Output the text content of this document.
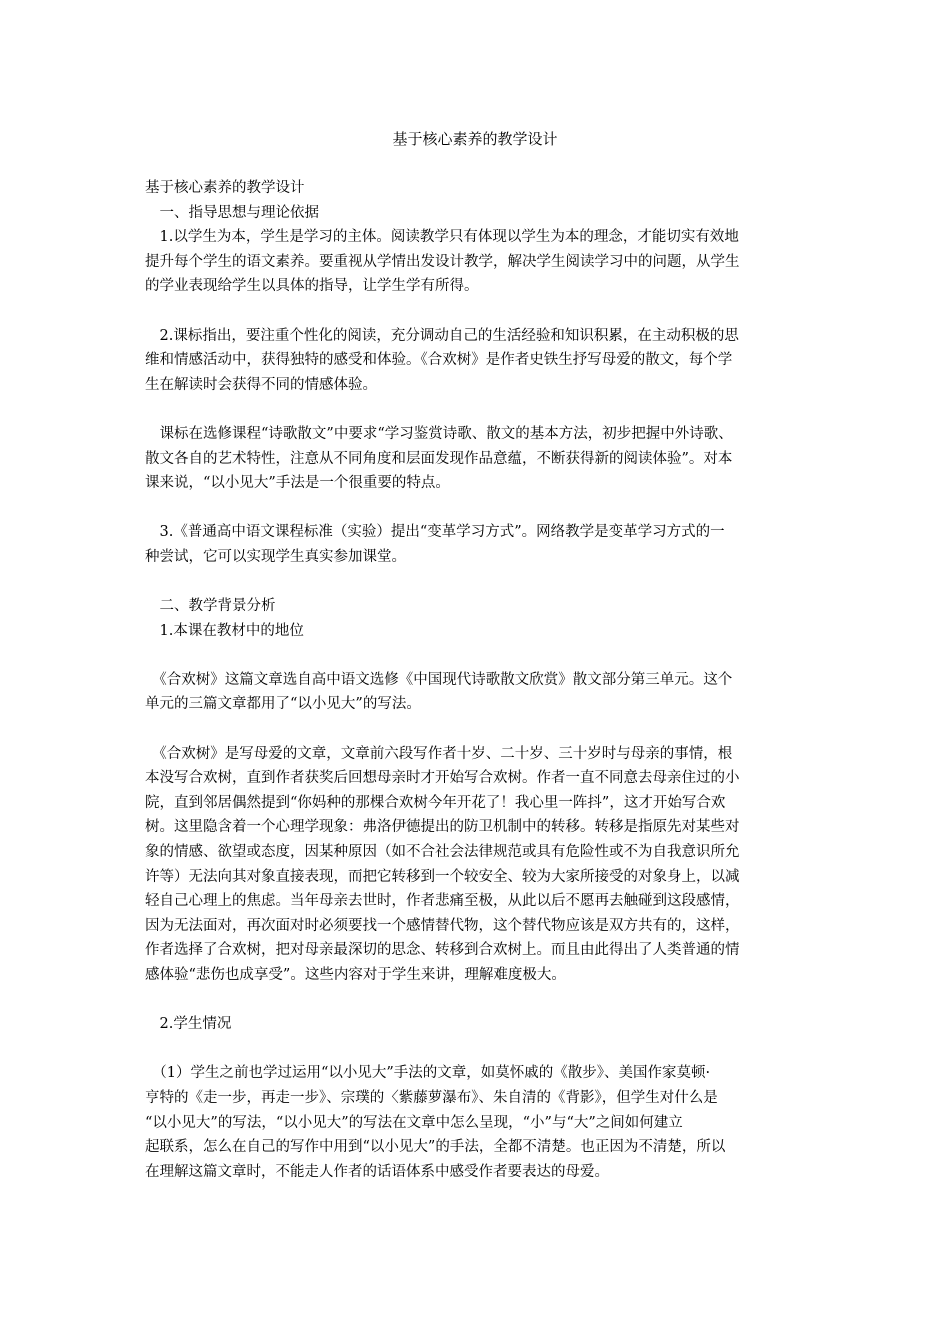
基于核心素养的教学设计
基于核心素养的教学设计
　一、指导思想与理论依据
　1.以学生为本，学生是学习的主体。阅读教学只有体现以学生为本的理念，才能切实有效地
提升每个学生的语文素养。要重视从学情出发设计教学，解决学生阅读学习中的问题，从学生
的学业表现给学生以具体的指导，让学生学有所得。
　2.课标指出，要注重个性化的阅读，充分调动自己的生活经验和知识积累，在主动积极的思
维和情感活动中，获得独特的感受和体验。《合欢树》是作者史铁生抒写母爱的散文，每个学
生在解读时会获得不同的情感体验。
　课标在选修课程“诗歌散文”中要求“学习鉴赏诗歌、散文的基本方法，初步把握中外诗歌、
散文各自的艺术特性，注意从不同角度和层面发现作品意蕴，不断获得新的阅读体验”。对本
课来说，“以小见大”手法是一个很重要的特点。
　3.《普通高中语文课程标准（实验）提出“变革学习方式”。网络教学是变革学习方式的一
种尝试，它可以实现学生真实参加课堂。
　二、教学背景分析
　1.本课在教材中的地位
　《合欢树》这篇文章选自高中语文选修《中国现代诗歌散文欣赏》散文部分第三单元。这个
单元的三篇文章都用了“以小见大”的写法。
　《合欢树》是写母爱的文章，文章前六段写作者十岁、二十岁、三十岁时与母亲的事情，根
本没写合欢树，直到作者获奖后回想母亲时才开始写合欢树。作者一直不同意去母亲住过的小
院，直到邻居偶然提到“你妈种的那棵合欢树今年开花了！我心里一阵抖”，这才开始写合欢
树。这里隐含着一个心理学现象：弗洛伊德提出的防卫机制中的转移。转移是指原先对某些对
象的情感、欲望或态度，因某种原因（如不合社会法律规范或具有危险性或不为自我意识所允
许等）无法向其对象直接表现，而把它转移到一个较安全、较为大家所接受的对象身上，以减
轻自己心理上的焦虑。当年母亲去世时，作者悲痛至极，从此以后不愿再去触碰到这段感情，
因为无法面对，再次面对时必须要找一个感情替代物，这个替代物应该是双方共有的，这样，
作者选择了合欢树，把对母亲最深切的思念、转移到合欢树上。而且由此得出了人类普通的情
感体验“悲伤也成享受”。这些内容对于学生来讲，理解难度极大。
　2.学生情况
　（1）学生之前也学过运用“以小见大”手法的文章，如莫怀戚的《散步》、美国作家莫顿·
亨特的《走一步，再走一步》、宗璞的〈紫藤萝瀑布》、朱自清的《背影》，但学生对什么是
“以小见大”的写法，“以小见大”的写法在文章中怎么呈现，“小”与“大”之间如何建立
起联系，怎么在自己的写作中用到“以小见大”的手法，全都不清楚。也正因为不清楚，所以
在理解这篇文章时，不能走人作者的话语体系中感受作者要表达的母爱。
